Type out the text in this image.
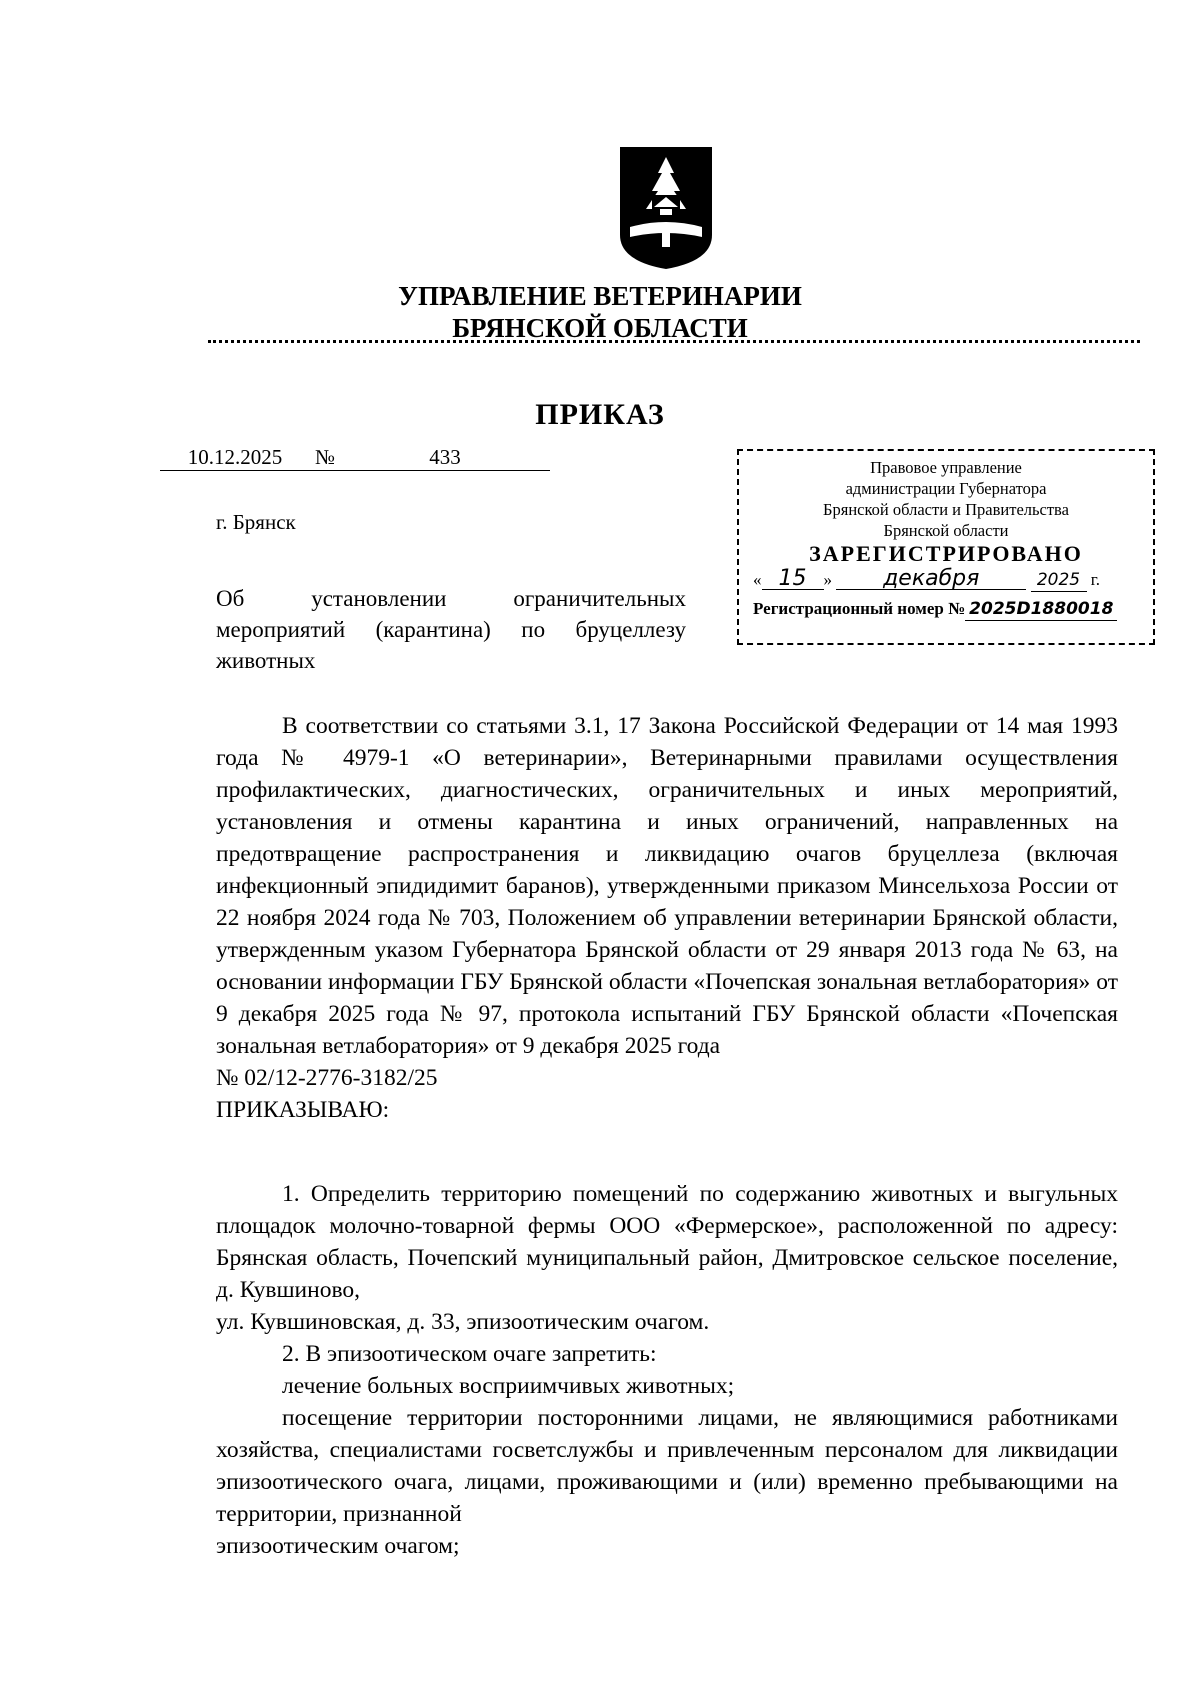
УПРАВЛЕНИЕ ВЕТЕРИНАРИИ
БРЯНСКОЙ ОБЛАСТИ
ПРИКАЗ
10.12.2025 №	433
г. Брянск
Об установлении ограничительных мероприятий (карантина) по бруцеллезу животных
Правовое управление
администрации Губернатора
Брянской области и Правительства
Брянской области
ЗАРЕГИСТРИРОВАНО
« 15 » декабря	2025 г.
Регистрационный номер № 2025D1880018

В соответствии со статьями 3.1, 17 Закона Российской Федерации от 14 мая 1993 года № 4979-1 «О ветеринарии», Ветеринарными правилами осуществления профилактических, диагностических, ограничительных и иных мероприятий, установления и отмены карантина и иных ограничений, направленных на предотвращение распространения и ликвидацию очагов бруцеллеза (включая инфекционный эпидидимит баранов), утвержденными приказом Минсельхоза России от 22 ноября 2024 года № 703, Положением об управлении ветеринарии Брянской области, утвержденным указом Губернатора Брянской области от 29 января 2013 года № 63, на основании информации ГБУ Брянской области «Почепская зональная ветлаборатория» от 9 декабря 2025 года № 97, протокола испытаний ГБУ Брянской области «Почепская зональная ветлаборатория» от 9 декабря 2025 года

№ 02/12-2776-3182/25

ПРИКАЗЫВАЮ:

1. Определить территорию помещений по содержанию животных и выгульных площадок молочно-товарной фермы ООО «Фермерское», расположенной по адресу: Брянская область, Почепский муниципальный район, Дмитровское сельское поселение, д. Кувшиново,

ул. Кувшиновская, д. 33, эпизоотическим очагом.

2. В эпизоотическом очаге запретить:

лечение больных восприимчивых животных;

посещение территории посторонними лицами, не являющимися работниками хозяйства, специалистами госветслужбы и привлеченным персоналом для ликвидации эпизоотического очага, лицами, проживающими и (или) временно пребывающими на территории, признанной

эпизоотическим очагом;
